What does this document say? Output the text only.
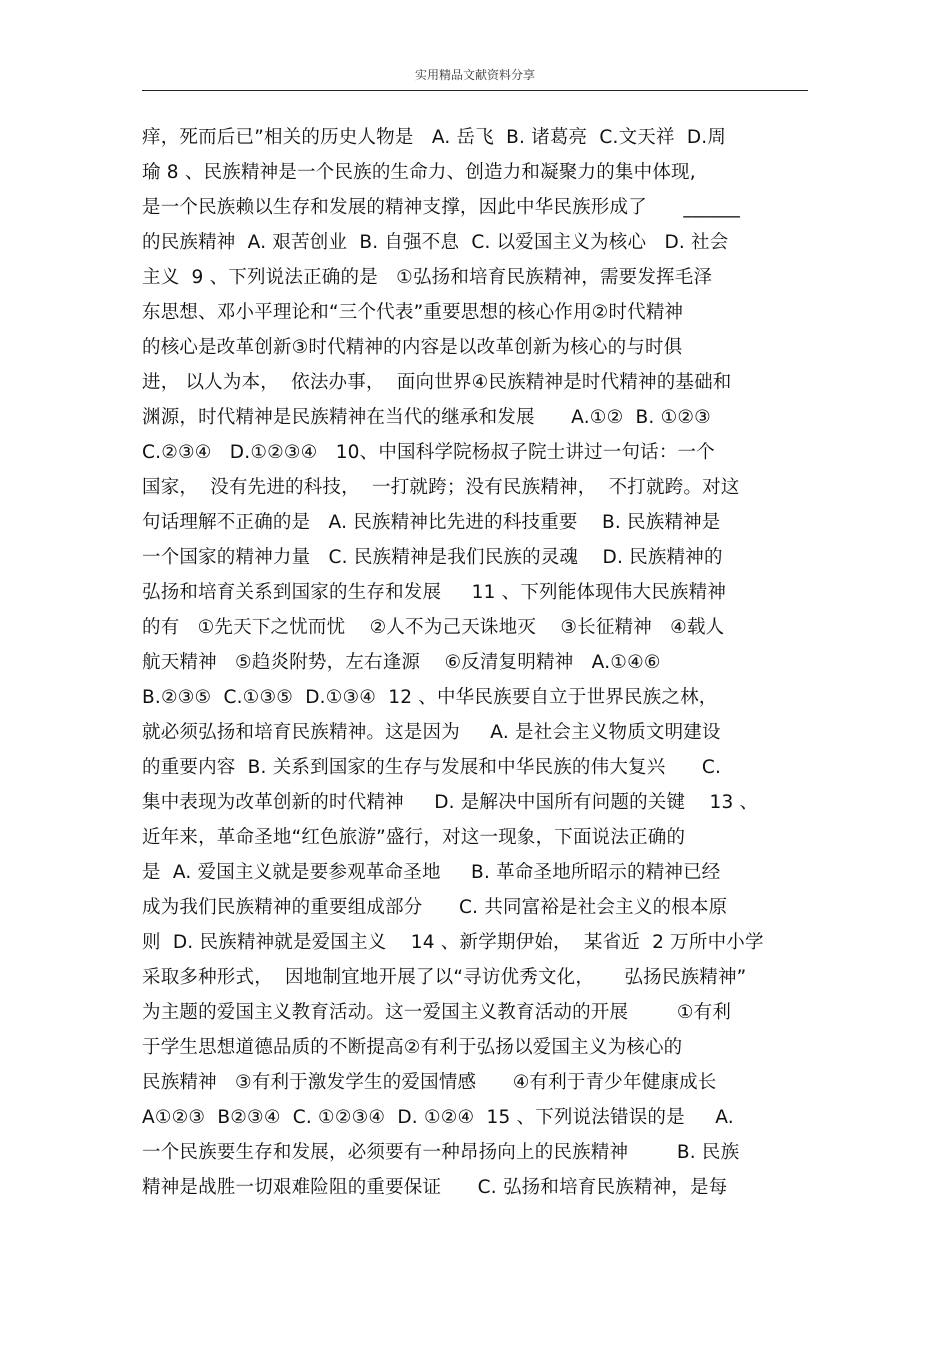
实用精品文献资料分享
痒，死而后已”相关的历史人物是   A. 岳飞  B. 诸葛亮  C.文天祥  D.周
瑜 8 、民族精神是一个民族的生命力、创造力和凝聚力的集中体现,
是一个民族赖以生存和发展的精神支撑，因此中华民族形成了      ______
的民族精神  A. 艰苦创业  B. 自强不息  C. 以爱国主义为核心   D. 社会
主义  9 、下列说法正确的是   ①弘扬和培育民族精神，需要发挥毛泽
东思想、邓小平理论和“三个代表”重要思想的核心作用②时代精神
的核心是改革创新③时代精神的内容是以改革创新为核心的与时俱
进， 以人为本，  依法办事，  面向世界④民族精神是时代精神的基础和
渊源，时代精神是民族精神在当代的继承和发展      A.①②  B. ①②③
C.②③④   D.①②③④   10、中国科学院杨叔子院士讲过一句话：一个
国家，  没有先进的科技，  一打就跨；没有民族精神，  不打就跨。对这
句话理解不正确的是   A. 民族精神比先进的科技重要    B. 民族精神是
一个国家的精神力量   C. 民族精神是我们民族的灵魂    D. 民族精神的
弘扬和培育关系到国家的生存和发展     11 、下列能体现伟大民族精神
的有   ①先天下之忧而忧    ②人不为己天诛地灭    ③长征精神   ④载人
航天精神   ⑤趋炎附势，左右逢源    ⑥反清复明精神   A.①④⑥
B.②③⑤  C.①③⑤  D.①③④  12 、中华民族要自立于世界民族之林，
就必须弘扬和培育民族精神。这是因为     A. 是社会主义物质文明建设
的重要内容  B. 关系到国家的生存与发展和中华民族的伟大复兴      C.
集中表现为改革创新的时代精神     D. 是解决中国所有问题的关键    13 、
近年来，革命圣地“红色旅游”盛行，对这一现象，下面说法正确的
是  A. 爱国主义就是要参观革命圣地     B. 革命圣地所昭示的精神已经
成为我们民族精神的重要组成部分      C. 共同富裕是社会主义的根本原
则  D. 民族精神就是爱国主义    14 、新学期伊始，  某省近  2 万所中小学
采取多种形式，  因地制宜地开展了以“寻访优秀文化，     弘扬民族精神”
为主题的爱国主义教育活动。这一爱国主义教育活动的开展        ①有利
于学生思想道德品质的不断提高②有利于弘扬以爱国主义为核心的
民族精神   ③有利于激发学生的爱国情感      ④有利于青少年健康成长
A①②③  B②③④  C. ①②③④  D. ①②④  15 、下列说法错误的是     A.
一个民族要生存和发展，必须要有一种昂扬向上的民族精神        B. 民族
精神是战胜一切艰难险阻的重要保证      C. 弘扬和培育民族精神，是每
